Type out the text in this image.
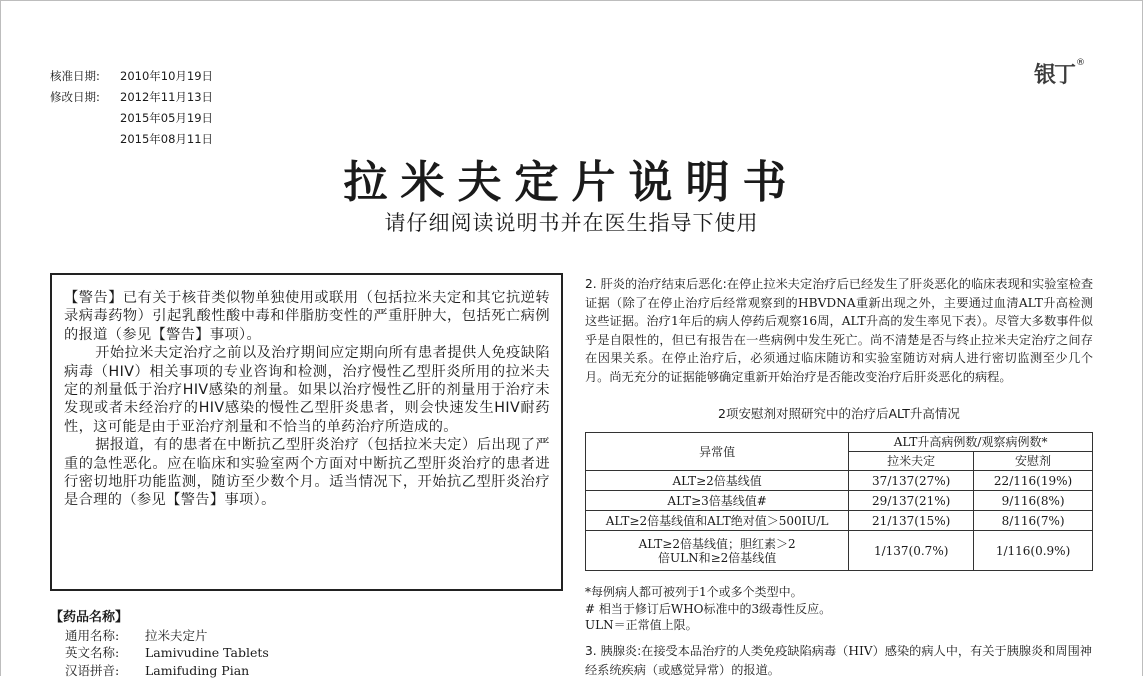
核准日期:	2010年10月19日
修改日期:	2012年11月13日
2015年05月19日
2015年08月11日
银丁 ®
拉米夫定片说明书
请仔细阅读说明书并在医生指导下使用

【警告】已有关于核苷类似物单独使用或联用（包括拉米夫定和其它抗逆转录病毒药物）引起乳酸性酸中毒和伴脂肪变性的严重肝肿大，包括死亡病例的报道（参见【警告】事项）。

开始拉米夫定治疗之前以及治疗期间应定期向所有患者提供人免疫缺陷病毒（HIV）相关事项的专业咨询和检测，治疗慢性乙型肝炎所用的拉米夫定的剂量低于治疗HIV感染的剂量。如果以治疗慢性乙肝的剂量用于治疗未发现或者未经治疗的HIV感染的慢性乙型肝炎患者，则会快速发生HIV耐药性，这可能是由于亚治疗剂量和不恰当的单药治疗所造成的。

据报道，有的患者在中断抗乙型肝炎治疗（包括拉米夫定）后出现了严重的急性恶化。应在临床和实验室两个方面对中断抗乙型肝炎治疗的患者进行密切地肝功能监测，随访至少数个月。适当情况下，开始抗乙型肝炎治疗是合理的（参见【警告】事项）。

【药品名称】
通用名称:	拉米夫定片
英文名称:	Lamivudine Tablets
汉语拼音:	Lamifuding Pian

2. 肝炎的治疗结束后恶化:在停止拉米夫定治疗后已经发生了肝炎恶化的临床表现和实验室检查证据（除了在停止治疗后经常观察到的HBVDNA重新出现之外，主要通过血清ALT升高检测这些证据。治疗1年后的病人停药后观察16周，ALT升高的发生率见下表）。尽管大多数事件似乎是自限性的，但已有报告在一些病例中发生死亡。尚不清楚是否与终止拉米夫定治疗之间存在因果关系。在停止治疗后，必须通过临床随访和实验室随访对病人进行密切监测至少几个月。尚无充分的证据能够确定重新开始治疗是否能改变治疗后肝炎恶化的病程。

2项安慰剂对照研究中的治疗后ALT升高情况
异常值	ALT升高病例数/观察病例数*	
	拉米夫定	安慰剂
ALT≥2倍基线值	37/137(27%)	22/116(19%)
ALT≥3倍基线值#	29/137(21%)	9/116(8%)
ALT≥2倍基线值和ALT绝对值＞500IU/L	21/137(15%)	8/116(7%)

ALT≥2倍基线值；胆红素＞2
倍ULN和≥2倍基线值	1/137(0.7%)	1/116(0.9%)
*每例病人都可被列于1个或多个类型中。
# 相当于修订后WHO标准中的3级毒性反应。
ULN＝正常值上限。
3. 胰腺炎:在接受本品治疗的人类免疫缺陷病毒（HIV）感染的病人中，有关于胰腺炎和周围神经系统疾病（或感觉异常）的报道。
